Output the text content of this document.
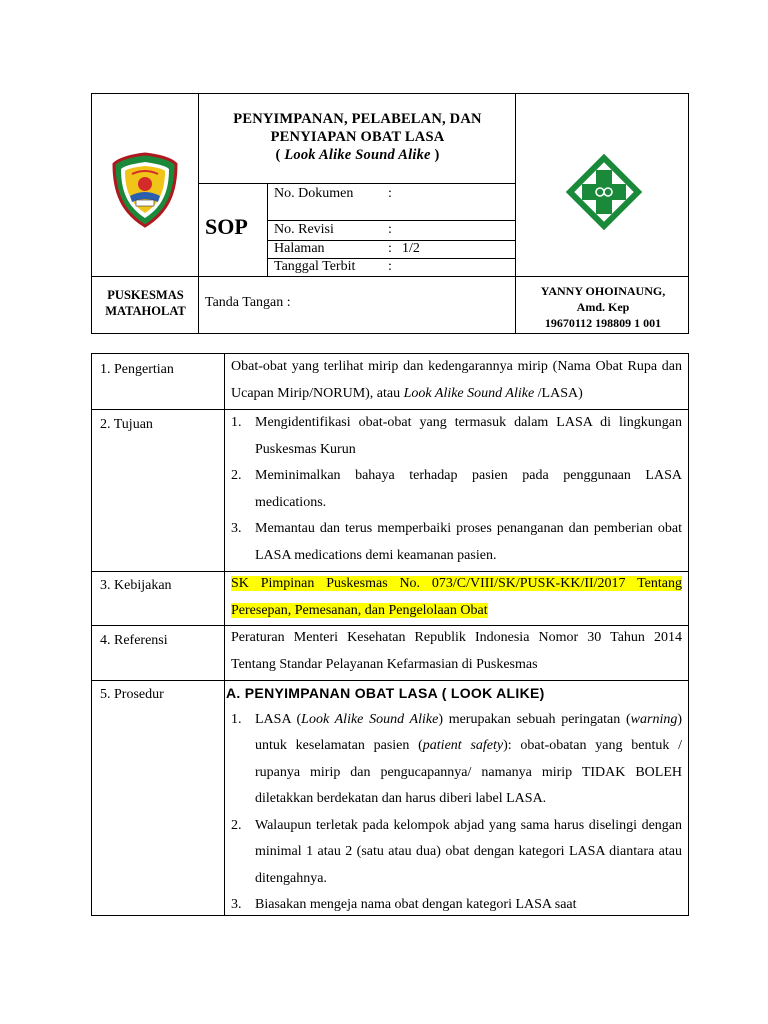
PENYIMPANAN, PELABELAN, DAN
PENYIAPAN OBAT LASA
( Look Alike Sound Alike )
SOP
No. Dokumen :
No. Revisi	:
Halaman	: 1/2
Tanggal Terbit :
PUSKESMAS
MATAHOLAT
Tanda Tangan :
YANNY OHOINAUNG,
Amd. Kep
19670112 198809 1 001
1. Pengertian	Obat-obat yang terlihat mirip dan kedengarannya mirip (Nama Obat Rupa dan Ucapan Mirip/NORUM), atau Look Alike Sound Alike /LASA)
2. Tujuan	1. Mengidentifikasi obat-obat yang termasuk dalam LASA di lingkungan Puskesmas Kurun
2. Meminimalkan bahaya terhadap pasien pada penggunaan LASA medications.
3. Memantau dan terus memperbaiki proses penanganan dan pemberian obat LASA medications demi keamanan pasien.
3. Kebijakan	SK Pimpinan Puskesmas No. 073/C/VIII/SK/PUSK-KK/II/2017 Tentang Peresepan, Pemesanan, dan Pengelolaan Obat
4. Referensi	Peraturan Menteri Kesehatan Republik Indonesia Nomor 30 Tahun 2014 Tentang Standar Pelayanan Kefarmasian di Puskesmas
5. Prosedur	A. PENYIMPANAN OBAT LASA ( LOOK ALIKE)
1. LASA (Look Alike Sound Alike) merupakan sebuah peringatan (warning) untuk keselamatan pasien (patient safety): obat-obatan yang bentuk / rupanya mirip dan pengucapannya/ namanya mirip TIDAK BOLEH diletakkan berdekatan dan harus diberi label LASA.
2. Walaupun terletak pada kelompok abjad yang sama harus diselingi dengan minimal 1 atau 2 (satu atau dua) obat dengan kategori LASA diantara atau ditengahnya.
3. Biasakan mengeja nama obat dengan kategori LASA saat
